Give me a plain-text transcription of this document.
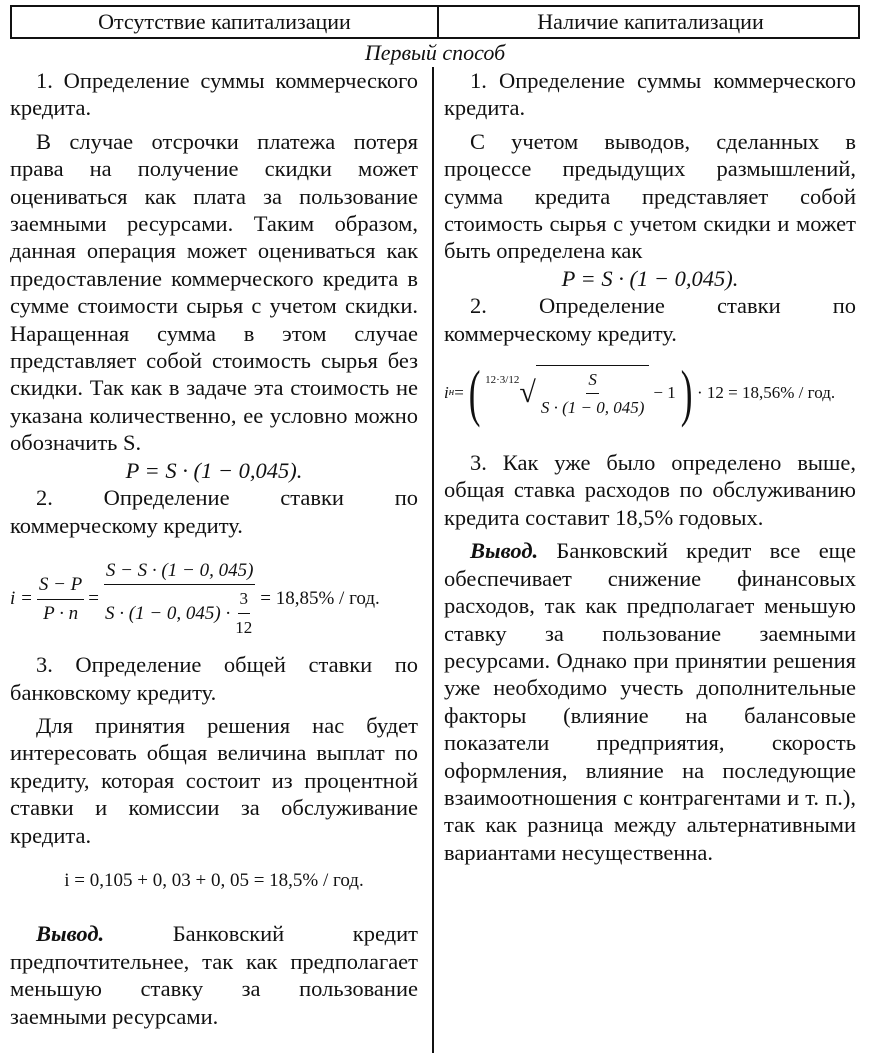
Отсутствие капитализации	Наличие капитализации
Первый способ

1. Определение суммы коммерческого кредита.

В случае отсрочки платежа потеря права на получение скидки может оцениваться как плата за пользование заемными ресурсами. Таким образом, данная операция может оцениваться как предоставление коммерческого кредита в сумме стоимости сырья с учетом скидки. Наращенная сумма в этом случае представляет собой стоимость сырья без скидки. Так как в задаче эта стоимость не указана количественно, ее условно можно обозначить S.

P = S · (1 − 0,045).

2. Определение ставки по коммерческому кредиту.

$i = \frac{S - P}{P \cdot n}$ =
S − S · (1 − 0, 045)
S · (1 − 0, $045) \cdot \frac{3}{12} = 18,85\%$ / год.

3. Определение общей ставки по банковскому кредиту.

Для принятия решения нас будет интересовать общая величина выплат по кредиту, которая состоит из процентной ставки и комиссии за обслуживание кредита.

i = 0,105 + 0, 03 + 0, 05 = 18,5% / год.

Вывод. Банковский кредит предпочтительнее, так как предполагает меньшую ставку за пользование заемными ресурсами.

1. Определение суммы коммерческого кредита.

С учетом выводов, сделанных в процессе предыдущих размышлений, сумма кредита представляет собой стоимость сырья с учетом скидки и может быть определена как

P = S · (1 − 0,045).

2. Определение ставки по коммерческому кредиту.

i н = ( $^{12\cdot 3/12}$ √ $\frac{S}{S \cdot (1 - 0, 045)} - 1$ ) · 12 = 18,56% / год.

3. Как уже было определено выше, общая ставка расходов по обслуживанию кредита составит 18,5% годовых.

Вывод. Банковский кредит все еще обеспечивает снижение финансовых расходов, так как предполагает меньшую ставку за пользование заемными ресурсами. Однако при принятии решения уже необходимо учесть дополнительные факторы (влияние на балансовые показатели предприятия, скорость оформления, влияние на последующие взаимоотношения с контрагентами и т. п.), так как разница между альтернативными вариантами несущественна.
